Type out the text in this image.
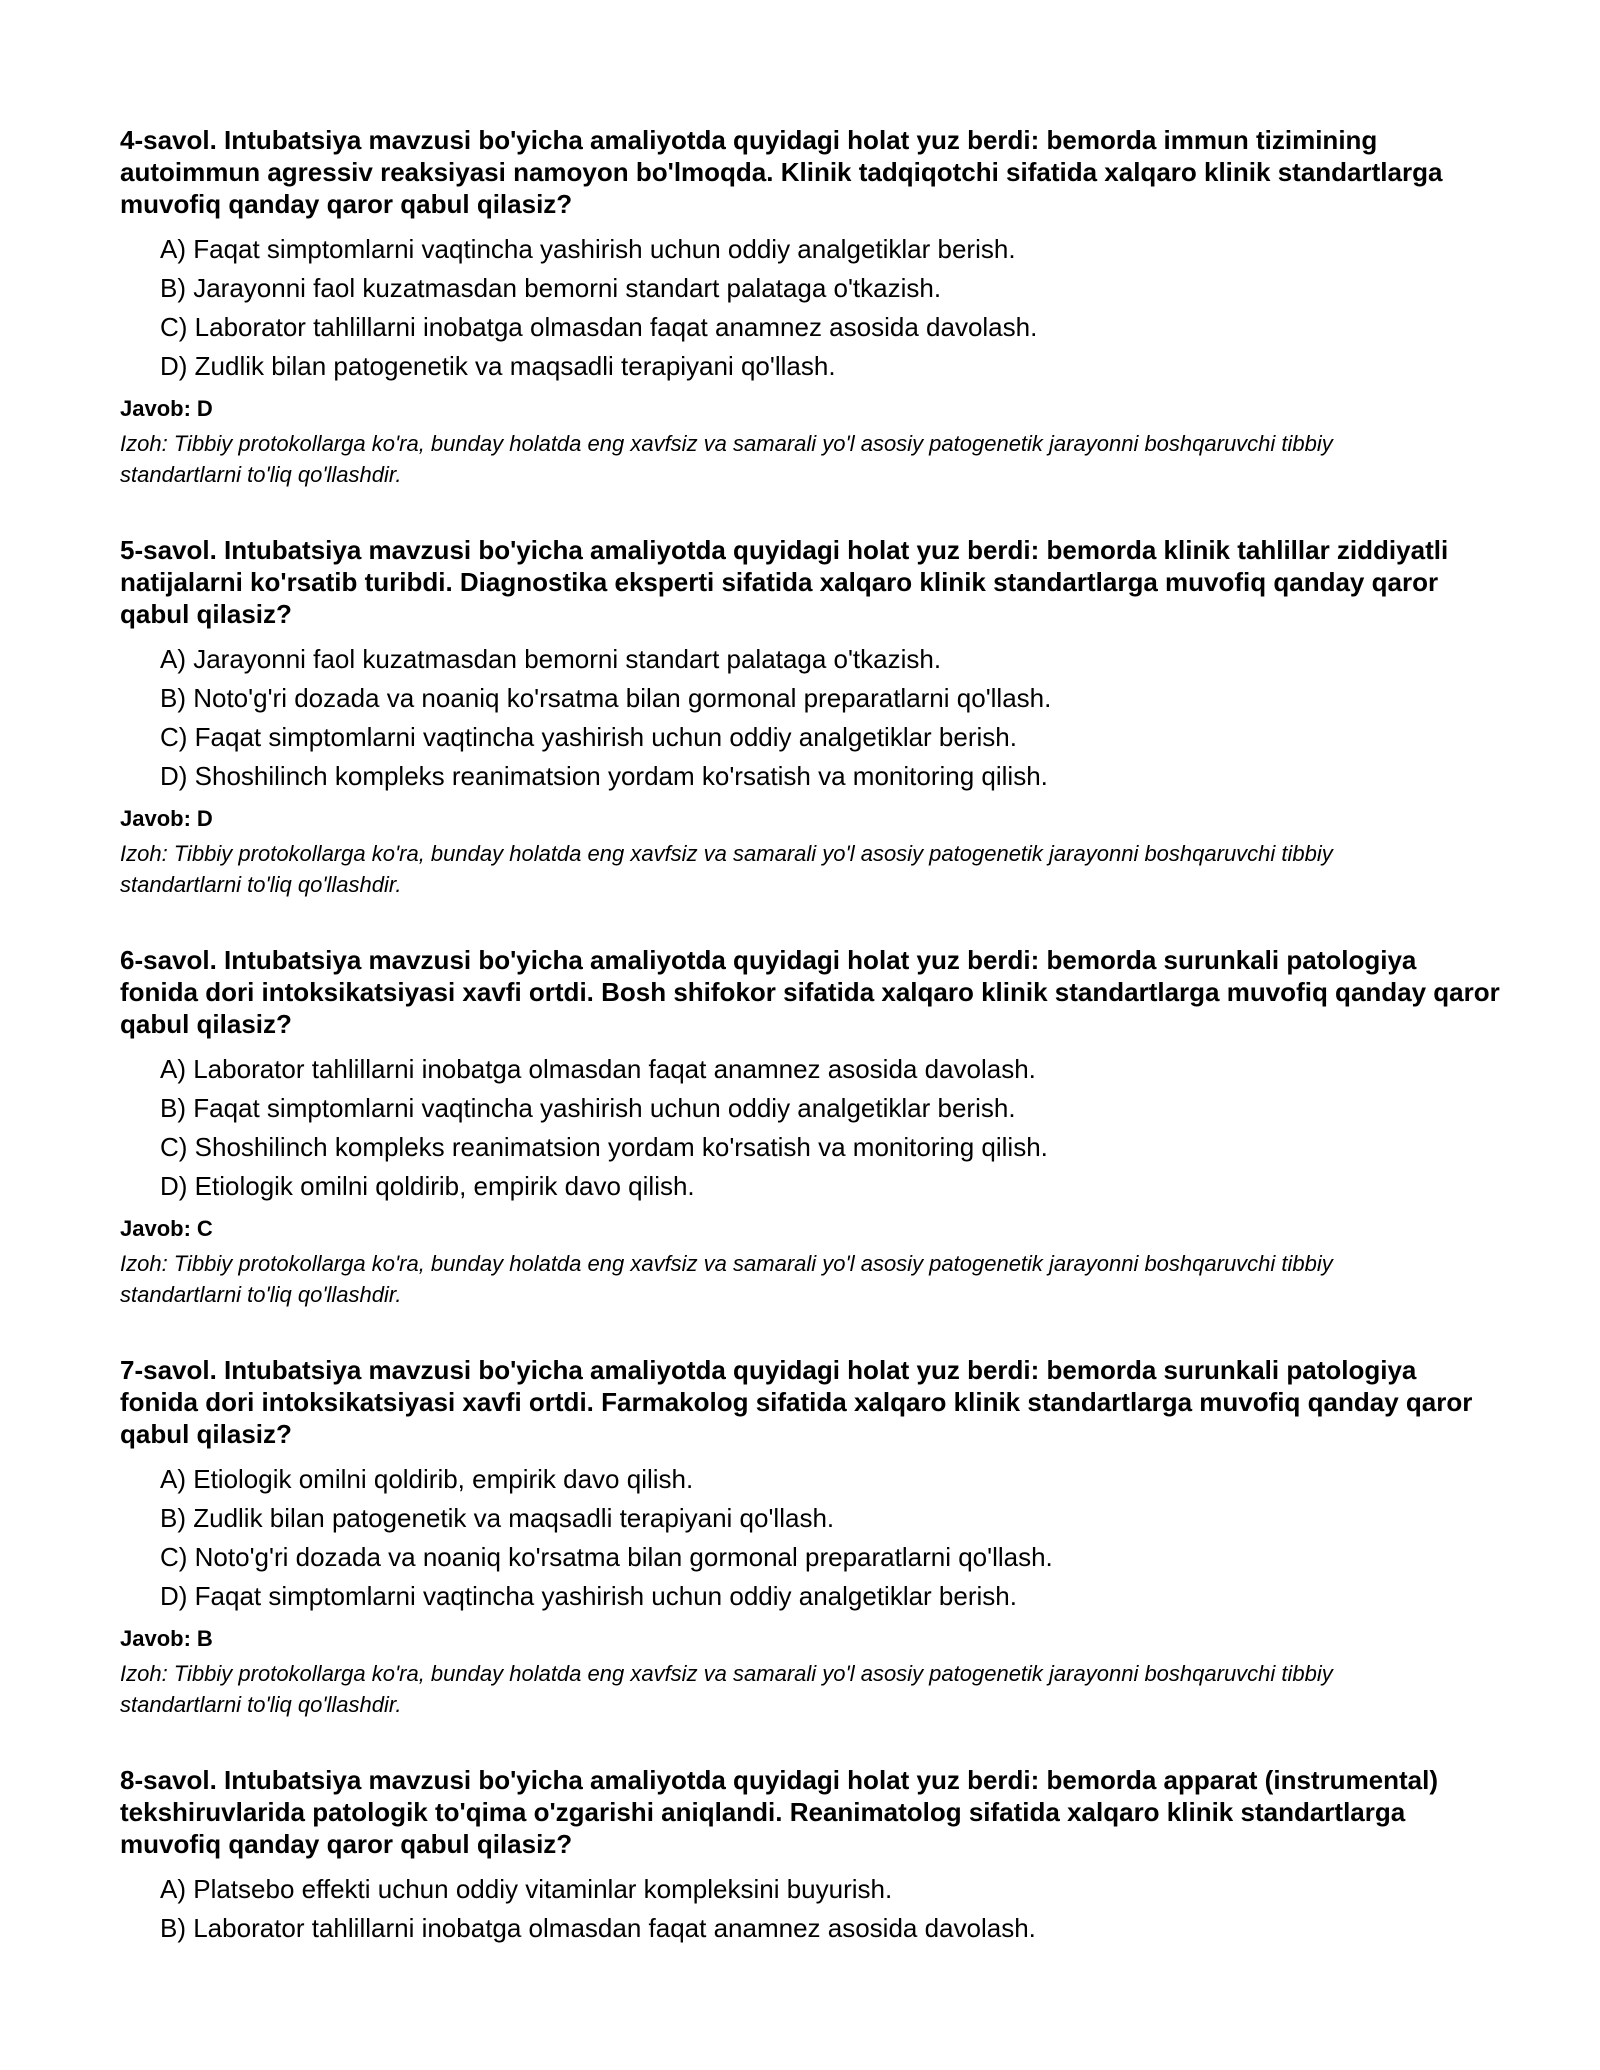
4-savol. Intubatsiya mavzusi bo'yicha amaliyotda quyidagi holat yuz berdi: bemorda immun tizimining autoimmun agressiv reaksiyasi namoyon bo'lmoqda. Klinik tadqiqotchi sifatida xalqaro klinik standartlarga muvofiq qanday qaror qabul qilasiz?
A) Faqat simptomlarni vaqtincha yashirish uchun oddiy analgetiklar berish.
B) Jarayonni faol kuzatmasdan bemorni standart palataga o'tkazish.
C) Laborator tahlillarni inobatga olmasdan faqat anamnez asosida davolash.
D) Zudlik bilan patogenetik va maqsadli terapiyani qo'llash.
Javob: D
Izoh: Tibbiy protokollarga ko'ra, bunday holatda eng xavfsiz va samarali yo'l asosiy patogenetik jarayonni boshqaruvchi tibbiy standartlarni to'liq qo'llashdir.
5-savol. Intubatsiya mavzusi bo'yicha amaliyotda quyidagi holat yuz berdi: bemorda klinik tahlillar ziddiyatli natijalarni ko'rsatib turibdi. Diagnostika eksperti sifatida xalqaro klinik standartlarga muvofiq qanday qaror qabul qilasiz?
A) Jarayonni faol kuzatmasdan bemorni standart palataga o'tkazish.
B) Noto'g'ri dozada va noaniq ko'rsatma bilan gormonal preparatlarni qo'llash.
C) Faqat simptomlarni vaqtincha yashirish uchun oddiy analgetiklar berish.
D) Shoshilinch kompleks reanimatsion yordam ko'rsatish va monitoring qilish.
Javob: D
Izoh: Tibbiy protokollarga ko'ra, bunday holatda eng xavfsiz va samarali yo'l asosiy patogenetik jarayonni boshqaruvchi tibbiy standartlarni to'liq qo'llashdir.
6-savol. Intubatsiya mavzusi bo'yicha amaliyotda quyidagi holat yuz berdi: bemorda surunkali patologiya fonida dori intoksikatsiyasi xavfi ortdi. Bosh shifokor sifatida xalqaro klinik standartlarga muvofiq qanday qaror qabul qilasiz?
A) Laborator tahlillarni inobatga olmasdan faqat anamnez asosida davolash.
B) Faqat simptomlarni vaqtincha yashirish uchun oddiy analgetiklar berish.
C) Shoshilinch kompleks reanimatsion yordam ko'rsatish va monitoring qilish.
D) Etiologik omilni qoldirib, empirik davo qilish.
Javob: C
Izoh: Tibbiy protokollarga ko'ra, bunday holatda eng xavfsiz va samarali yo'l asosiy patogenetik jarayonni boshqaruvchi tibbiy standartlarni to'liq qo'llashdir.
7-savol. Intubatsiya mavzusi bo'yicha amaliyotda quyidagi holat yuz berdi: bemorda surunkali patologiya fonida dori intoksikatsiyasi xavfi ortdi. Farmakolog sifatida xalqaro klinik standartlarga muvofiq qanday qaror qabul qilasiz?
A) Etiologik omilni qoldirib, empirik davo qilish.
B) Zudlik bilan patogenetik va maqsadli terapiyani qo'llash.
C) Noto'g'ri dozada va noaniq ko'rsatma bilan gormonal preparatlarni qo'llash.
D) Faqat simptomlarni vaqtincha yashirish uchun oddiy analgetiklar berish.
Javob: B
Izoh: Tibbiy protokollarga ko'ra, bunday holatda eng xavfsiz va samarali yo'l asosiy patogenetik jarayonni boshqaruvchi tibbiy standartlarni to'liq qo'llashdir.
8-savol. Intubatsiya mavzusi bo'yicha amaliyotda quyidagi holat yuz berdi: bemorda apparat (instrumental) tekshiruvlarida patologik to'qima o'zgarishi aniqlandi. Reanimatolog sifatida xalqaro klinik standartlarga muvofiq qanday qaror qabul qilasiz?
A) Platsebo effekti uchun oddiy vitaminlar kompleksini buyurish.
B) Laborator tahlillarni inobatga olmasdan faqat anamnez asosida davolash.
